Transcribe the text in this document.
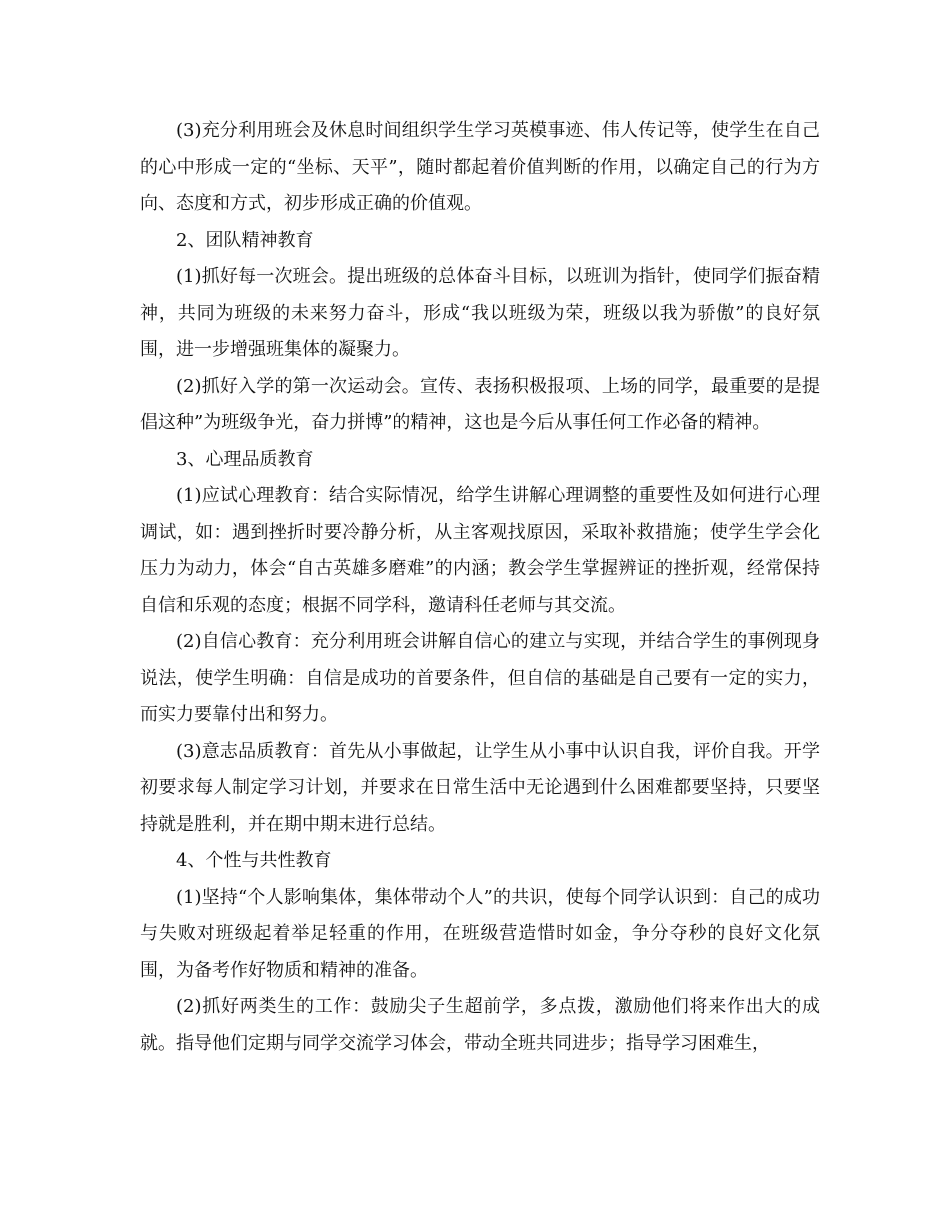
(3)充分利用班会及休息时间组织学生学习英模事迹、伟人传记等，使学生在自己的心中形成一定的“坐标、天平”，随时都起着价值判断的作用，以确定自己的行为方向、态度和方式，初步形成正确的价值观。

2、团队精神教育

(1)抓好每一次班会。提出班级的总体奋斗目标，以班训为指针，使同学们振奋精神，共同为班级的未来努力奋斗，形成“我以班级为荣，班级以我为骄傲”的良好氛围，进一步增强班集体的凝聚力。

(2)抓好入学的第一次运动会。宣传、表扬积极报项、上场的同学，最重要的是提倡这种”为班级争光，奋力拼博”的精神，这也是今后从事任何工作必备的精神。

3、心理品质教育

(1)应试心理教育：结合实际情况，给学生讲解心理调整的重要性及如何进行心理调试，如：遇到挫折时要冷静分析，从主客观找原因，采取补救措施；使学生学会化压力为动力，体会“自古英雄多磨难”的内涵；教会学生掌握辨证的挫折观，经常保持自信和乐观的态度；根据不同学科，邀请科任老师与其交流。

(2)自信心教育：充分利用班会讲解自信心的建立与实现，并结合学生的事例现身说法，使学生明确：自信是成功的首要条件，但自信的基础是自己要有一定的实力，而实力要靠付出和努力。

(3)意志品质教育：首先从小事做起，让学生从小事中认识自我，评价自我。开学初要求每人制定学习计划，并要求在日常生活中无论遇到什么困难都要坚持，只要坚持就是胜利，并在期中期末进行总结。

4、个性与共性教育

(1)坚持“个人影响集体，集体带动个人”的共识，使每个同学认识到：自己的成功与失败对班级起着举足轻重的作用，在班级营造惜时如金，争分夺秒的良好文化氛围，为备考作好物质和精神的准备。

(2)抓好两类生的工作：鼓励尖子生超前学，多点拨，激励他们将来作出大的成就。指导他们定期与同学交流学习体会，带动全班共同进步；指导学习困难生，
